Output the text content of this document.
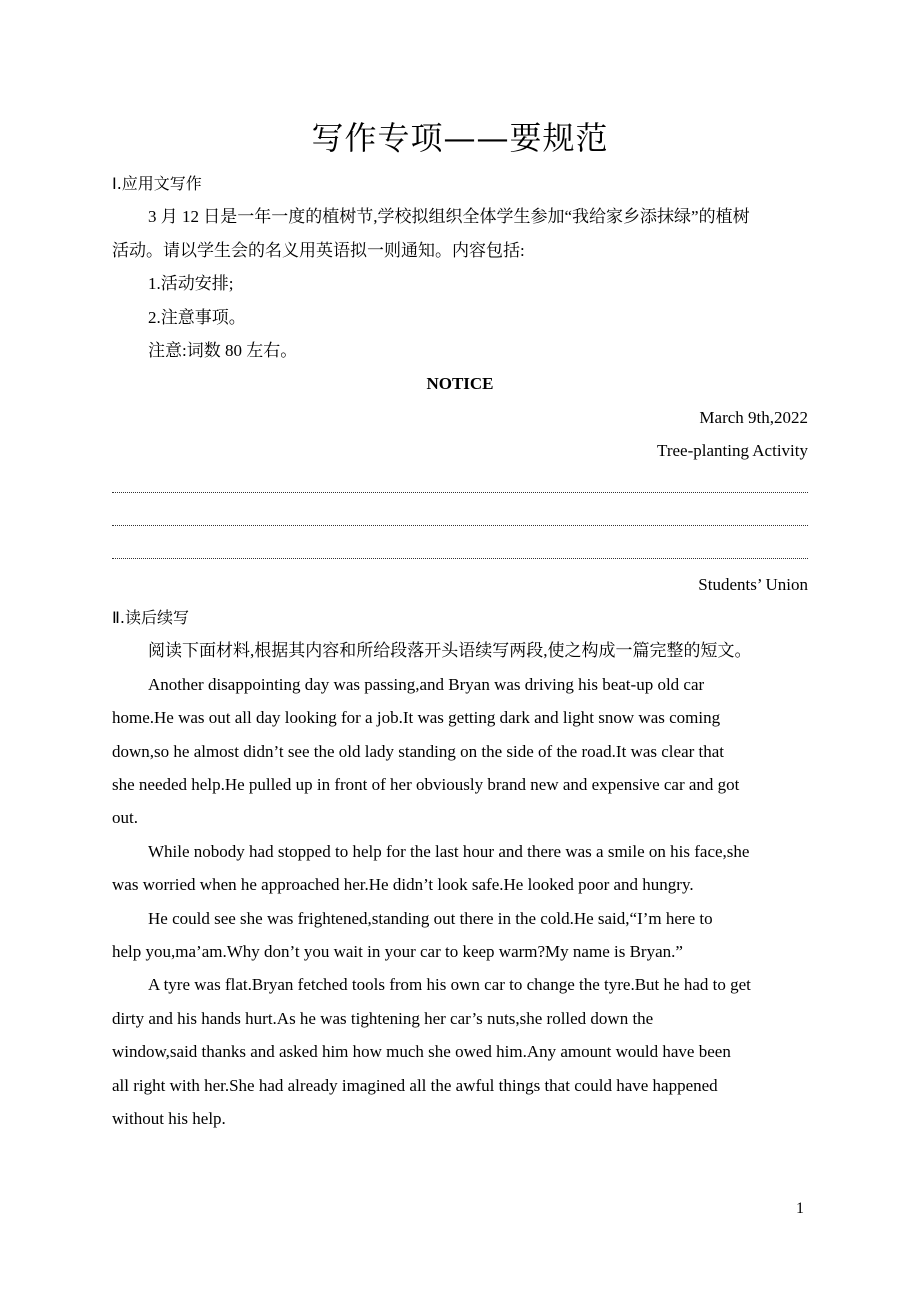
写作专项——要规范
Ⅰ.应用文写作
3 月 12 日是一年一度的植树节,学校拟组织全体学生参加“我给家乡添抹绿”的植树
活动。请以学生会的名义用英语拟一则通知。内容包括:
1.活动安排;
2.注意事项。
注意:词数 80 左右。
NOTICE
March 9th,2022
Tree-planting Activity
Students’ Union
Ⅱ.读后续写
阅读下面材料,根据其内容和所给段落开头语续写两段,使之构成一篇完整的短文。
Another disappointing day was passing,and Bryan was driving his beat-up old car
home.He was out all day looking for a job.It was getting dark and light snow was coming
down,so he almost didn’t see the old lady standing on the side of the road.It was clear that
she needed help.He pulled up in front of her obviously brand new and expensive car and got
out.
While nobody had stopped to help for the last hour and there was a smile on his face,she
was worried when he approached her.He didn’t look safe.He looked poor and hungry.
He could see she was frightened,standing out there in the cold.He said,“I’m here to
help you,ma’am.Why don’t you wait in your car to keep warm?My name is Bryan.”
A tyre was flat.Bryan fetched tools from his own car to change the tyre.But he had to get
dirty and his hands hurt.As he was tightening her car’s nuts,she rolled down the
window,said thanks and asked him how much she owed him.Any amount would have been
all right with her.She had already imagined all the awful things that could have happened
without his help.
1
